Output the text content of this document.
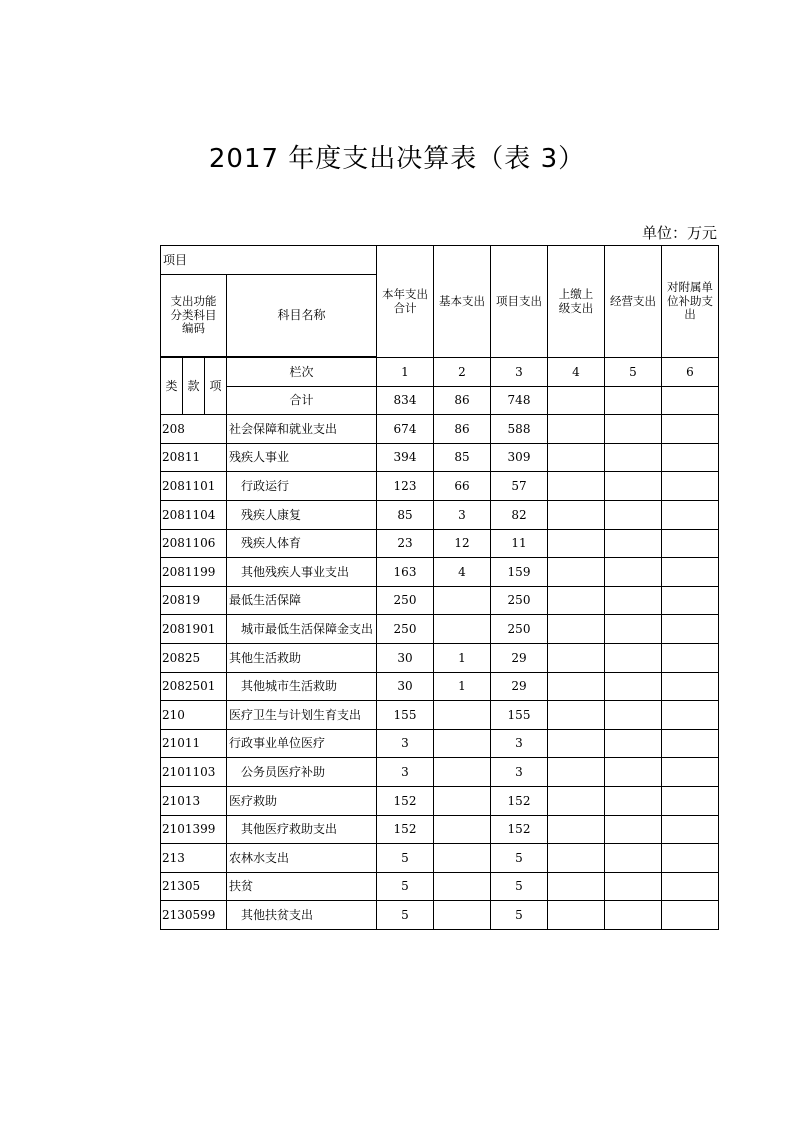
2017 年度支出决算表（表 3）
单位：万元
项目				本年支出合计	基本支出	项目支出	上缴上级支出	经营支出	对附属单位补助支出
支出功能分类科目编码			科目名称						

类	款	项	栏次	1	2	3	4	5	6
			合计	834	86	748			
208			社会保障和就业支出	674	86	588			
20811			残疾人事业	394	85	309			
2081101			行政运行	123	66	57			
2081104			残疾人康复	85	3	82			
2081106			残疾人体育	23	12	11			
2081199			其他残疾人事业支出	163	4	159			
20819			最低生活保障	250		250			
2081901			城市最低生活保障金支出	250		250			
20825			其他生活救助	30	1	29			
2082501			其他城市生活救助	30	1	29			
210			医疗卫生与计划生育支出	155		155			
21011			行政事业单位医疗	3		3			
2101103			公务员医疗补助	3		3			
21013			医疗救助	152		152			
2101399			其他医疗救助支出	152		152			
213			农林水支出	5		5			
21305			扶贫	5		5			
2130599			其他扶贫支出	5		5			
